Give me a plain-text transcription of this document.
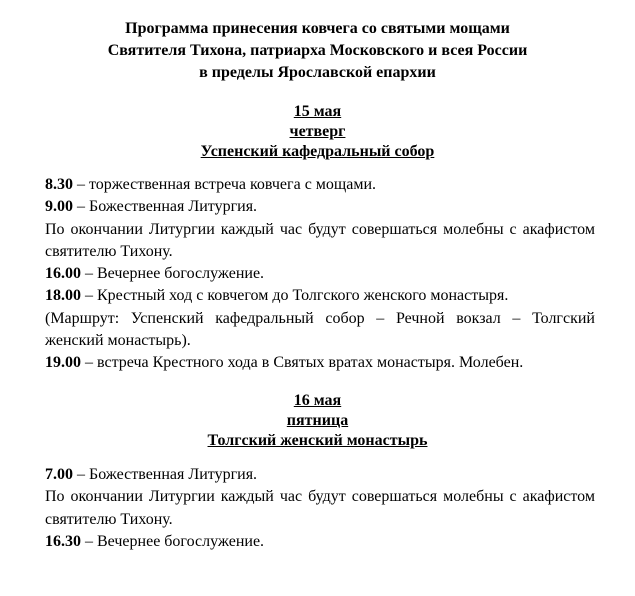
Программа принесения ковчега со святыми мощами
Святителя Тихона, патриарха Московского и всея России
в пределы Ярославской епархии
15 мая
четверг
Успенский кафедральный собор
8.30 – торжественная встреча ковчега с мощами.
9.00 – Божественная Литургия.
По окончании Литургии каждый час будут совершаться молебны с акафистом святителю Тихону.
16.00 – Вечернее богослужение.
18.00 – Крестный ход с ковчегом до Толгского женского монастыря.
(Маршрут: Успенский кафедральный собор – Речной вокзал – Толгский женский монастырь).
19.00 – встреча Крестного хода в Святых вратах монастыря. Молебен.
16 мая
пятница
Толгский женский монастырь
7.00 – Божественная Литургия.
По окончании Литургии каждый час будут совершаться молебны с акафистом святителю Тихону.
16.30 – Вечернее богослужение.
